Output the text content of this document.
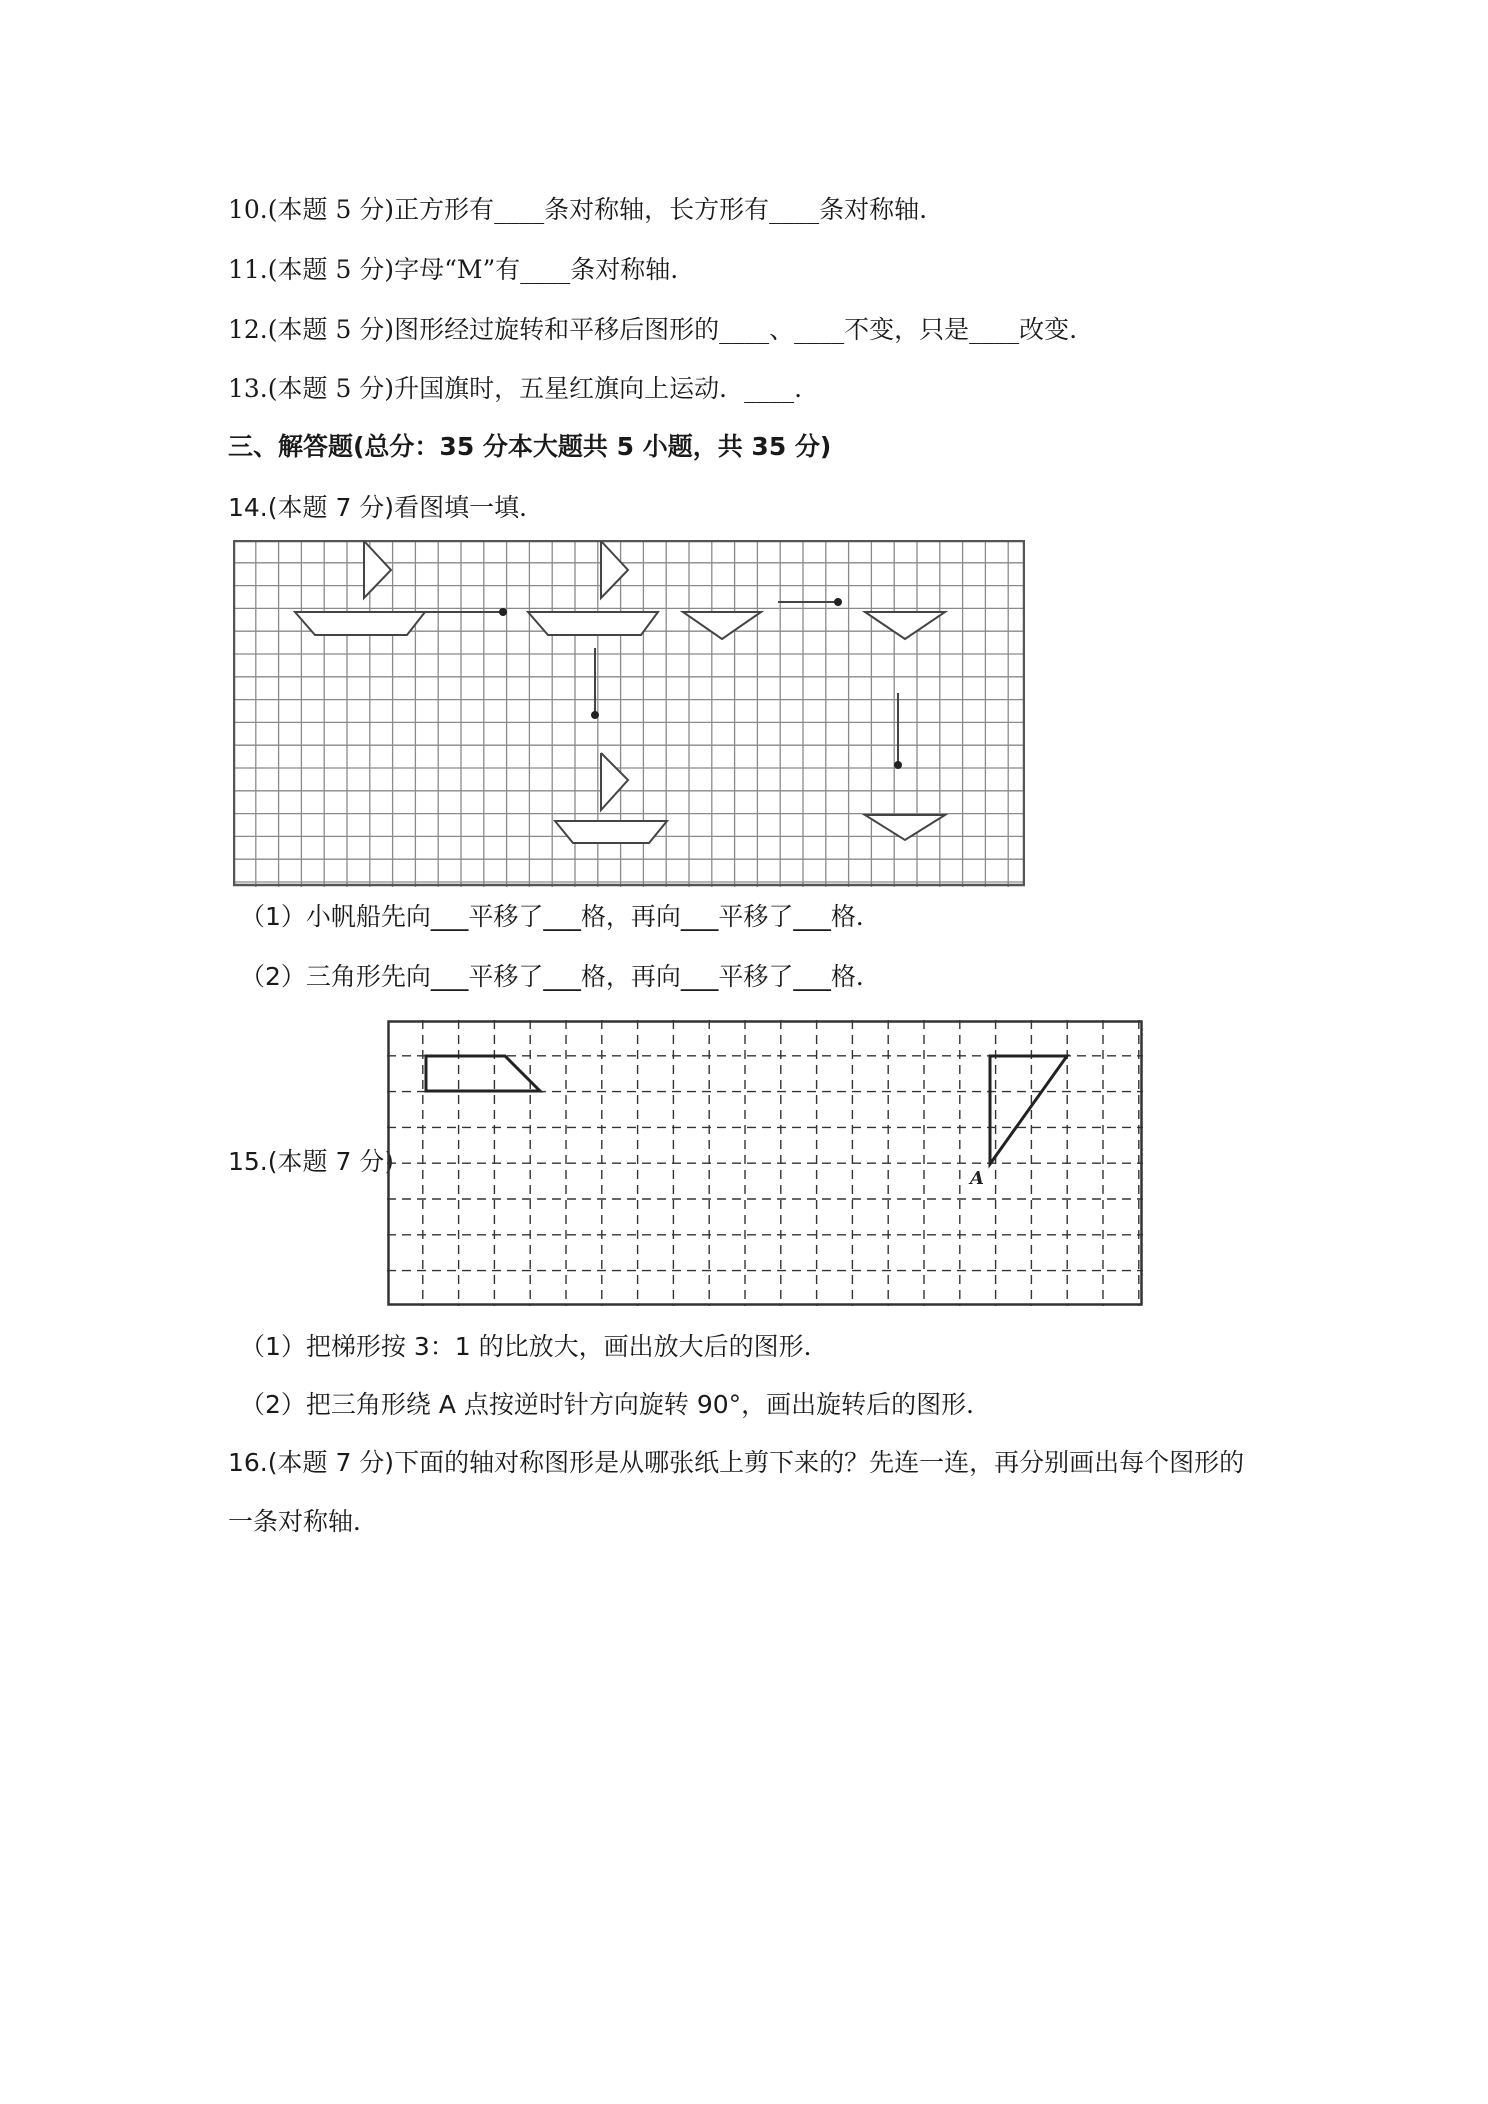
10.(本题 5 分)正方形有____条对称轴，长方形有____条对称轴.
11.(本题 5 分)字母“M”有____条对称轴.
12.(本题 5 分)图形经过旋转和平移后图形的____、____不变，只是____改变.
13.(本题 5 分)升国旗时，五星红旗向上运动．____.
三、解答题(总分：35 分本大题共 5 小题，共 35 分)
14.(本题 7 分)看图填一填．
（1）小帆船先向___平移了___格，再向___平移了___格．
（2）三角形先向___平移了___格，再向___平移了___格．
15.(本题 7 分)
A
（1）把梯形按 3：1 的比放大，画出放大后的图形．
（2）把三角形绕 A 点按逆时针方向旋转 90°，画出旋转后的图形．
16.(本题 7 分)下面的轴对称图形是从哪张纸上剪下来的？先连一连，再分别画出每个图形的
一条对称轴．
